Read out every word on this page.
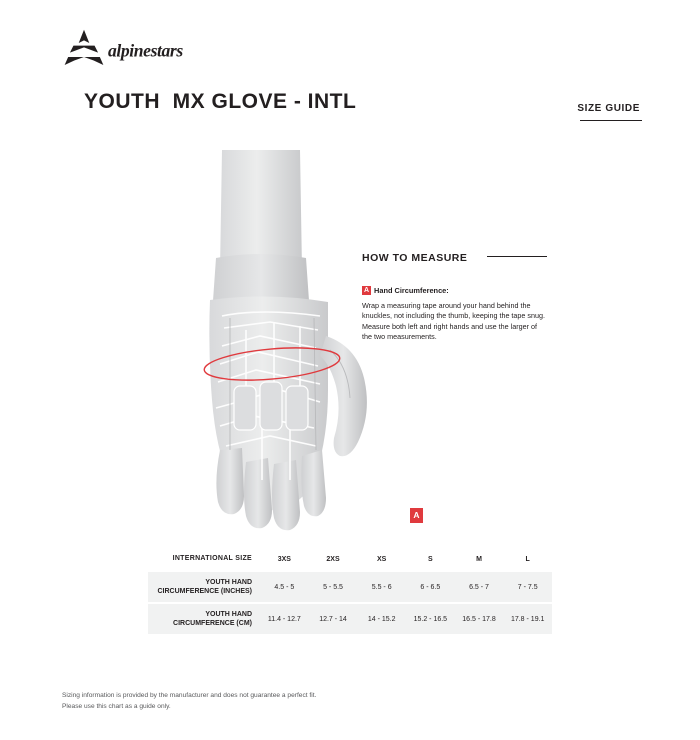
alpinestars
YOUTH  MX GLOVE - INTL	SIZE GUIDE
A
HOW TO MEASURE
A Hand Circumference:
Wrap a measuring tape around your hand behind the knuckles, not including the thumb, keeping the tape snug. Measure both left and right hands and use the larger of the two measurements.
INTERNATIONAL SIZE	3XS	2XS	XS	S	M	L
YOUTH HAND
CIRCUMFERENCE (INCHES)
4.5 - 5	5 - 5.5	5.5 - 6	6 - 6.5	6.5 - 7	7 - 7.5
YOUTH HAND
CIRCUMFERENCE (CM)
11.4 - 12.7	12.7 - 14	14 - 15.2	15.2 - 16.5	16.5 - 17.8	17.8 - 19.1
Sizing information is provided by the manufacturer and does not guarantee a perfect fit.
Please use this chart as a guide only.
